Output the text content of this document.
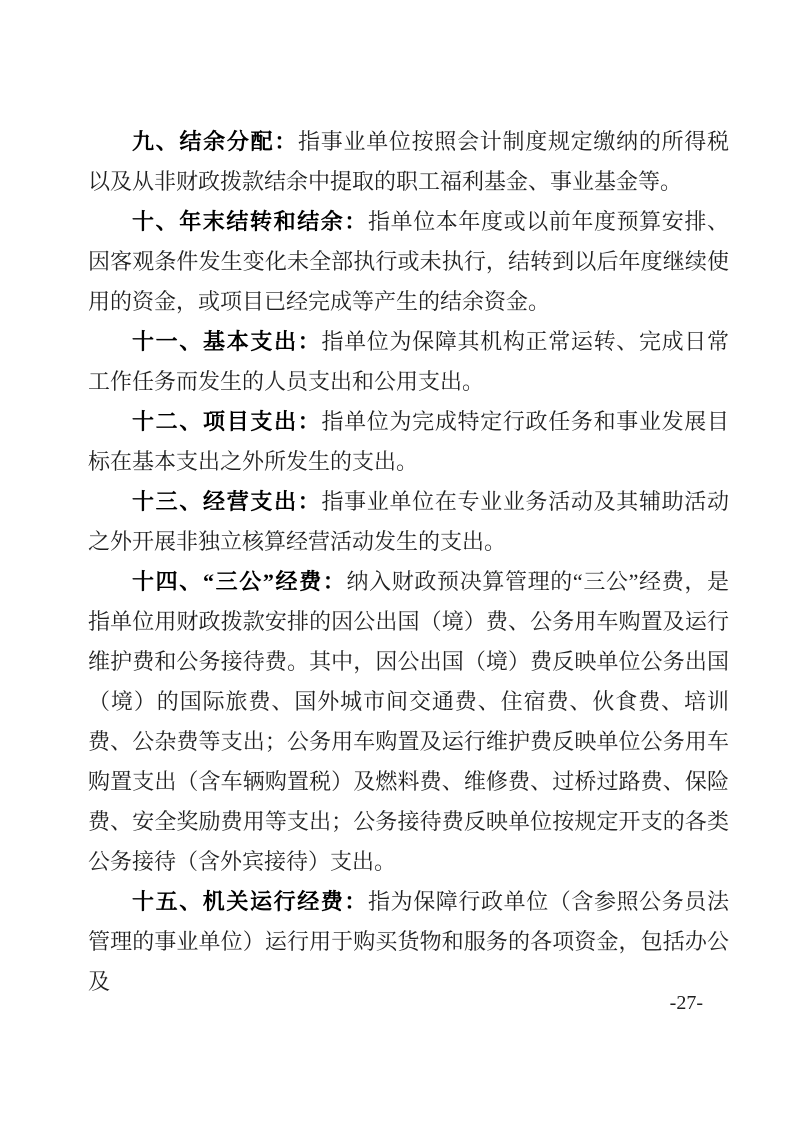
九、结余分配：指事业单位按照会计制度规定缴纳的所得税以及从非财政拨款结余中提取的职工福利基金、事业基金等。

十、年末结转和结余：指单位本年度或以前年度预算安排、因客观条件发生变化未全部执行或未执行，结转到以后年度继续使用的资金，或项目已经完成等产生的结余资金。

十一、基本支出：指单位为保障其机构正常运转、完成日常工作任务而发生的人员支出和公用支出。

十二、项目支出：指单位为完成特定行政任务和事业发展目标在基本支出之外所发生的支出。

十三、经营支出：指事业单位在专业业务活动及其辅助活动之外开展非独立核算经营活动发生的支出。

十四、“三公”经费：纳入财政预决算管理的“三公”经费，是指单位用财政拨款安排的因公出国（境）费、公务用车购置及运行维护费和公务接待费。其中，因公出国（境）费反映单位公务出国（境）的国际旅费、国外城市间交通费、住宿费、伙食费、培训费、公杂费等支出；公务用车购置及运行维护费反映单位公务用车购置支出（含车辆购置税）及燃料费、维修费、过桥过路费、保险费、安全奖励费用等支出；公务接待费反映单位按规定开支的各类公务接待（含外宾接待）支出。

十五、机关运行经费：指为保障行政单位（含参照公务员法管理的事业单位）运行用于购买货物和服务的各项资金，包括办公及

-27-
